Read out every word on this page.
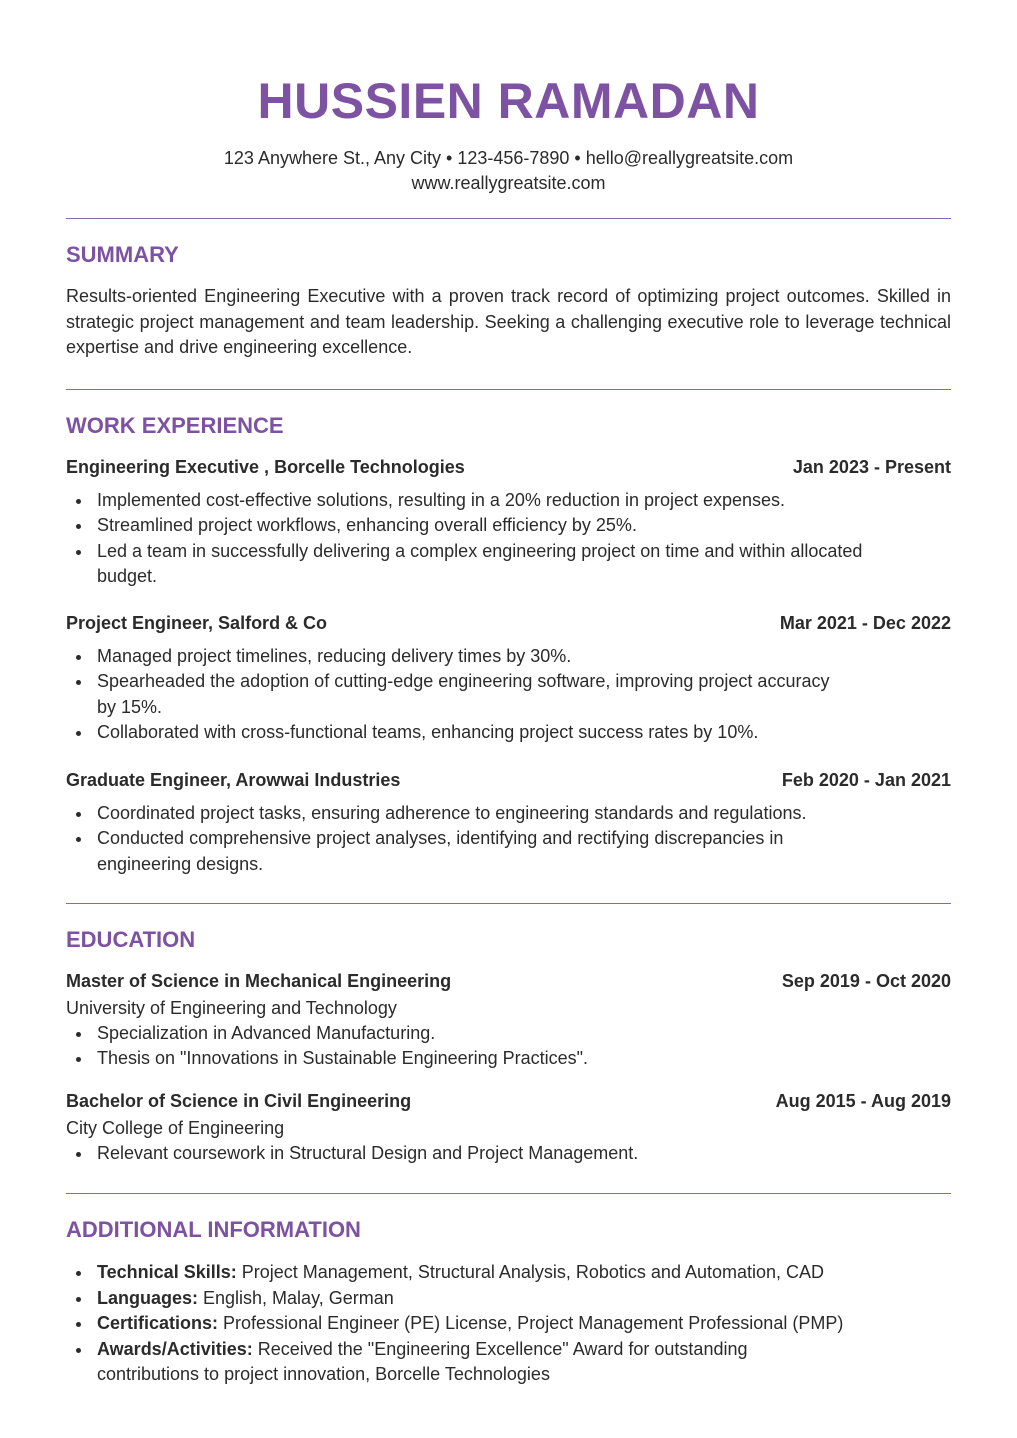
HUSSIEN RAMADAN
123 Anywhere St., Any City • 123-456-7890 • hello@reallygreatsite.com
www.reallygreatsite.com
SUMMARY
Results-oriented Engineering Executive with a proven track record of optimizing project outcomes. Skilled in strategic project management and team leadership. Seeking a challenging executive role to leverage technical expertise and drive engineering excellence.
WORK EXPERIENCE
Engineering Executive , Borcelle Technologies	Jan 2023 - Present
Implemented cost-effective solutions, resulting in a 20% reduction in project expenses.
Streamlined project workflows, enhancing overall efficiency by 25%.
Led a team in successfully delivering a complex engineering project on time and within allocated budget.
Project Engineer, Salford & Co	Mar 2021 - Dec 2022
Managed project timelines, reducing delivery times by 30%.
Spearheaded the adoption of cutting-edge engineering software, improving project accuracy by 15%.
Collaborated with cross-functional teams, enhancing project success rates by 10%.
Graduate Engineer, Arowwai Industries	Feb 2020 - Jan 2021
Coordinated project tasks, ensuring adherence to engineering standards and regulations.
Conducted comprehensive project analyses, identifying and rectifying discrepancies in engineering designs.
EDUCATION
Master of Science in Mechanical Engineering	Sep 2019 - Oct 2020
University of Engineering and Technology
Specialization in Advanced Manufacturing.
Thesis on "Innovations in Sustainable Engineering Practices".
Bachelor of Science in Civil Engineering	Aug 2015 - Aug 2019
City College of Engineering
Relevant coursework in Structural Design and Project Management.
ADDITIONAL INFORMATION
Technical Skills: Project Management, Structural Analysis, Robotics and Automation, CAD
Languages: English, Malay, German
Certifications: Professional Engineer (PE) License, Project Management Professional (PMP)
Awards/Activities: Received the "Engineering Excellence" Award for outstanding contributions to project innovation, Borcelle Technologies
